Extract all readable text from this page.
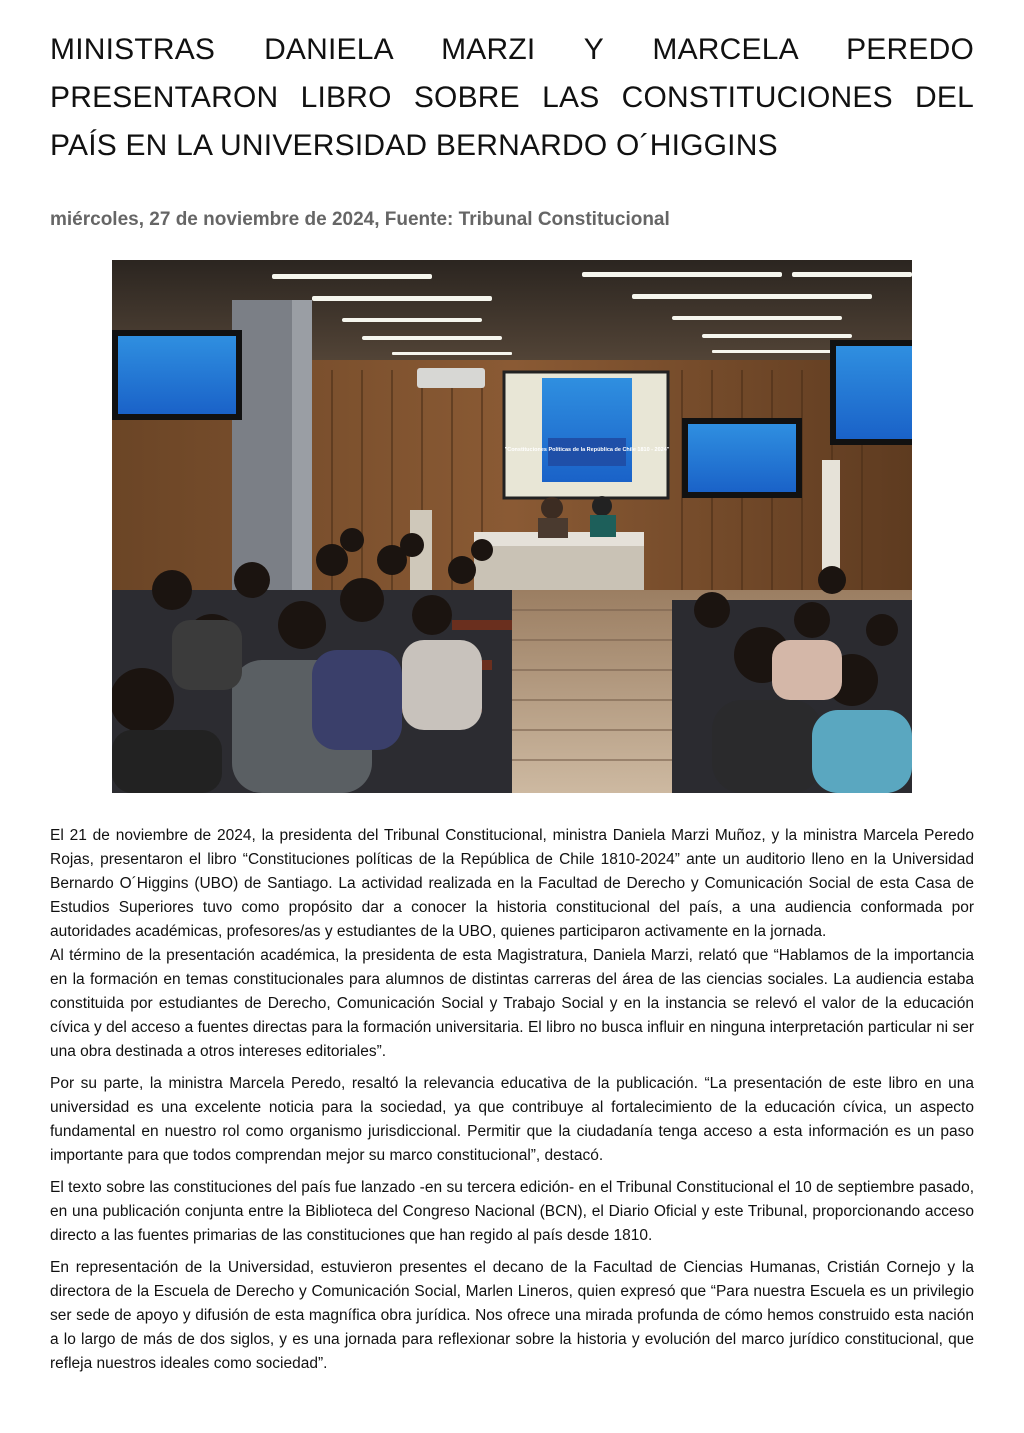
MINISTRAS DANIELA MARZI Y MARCELA PEREDO PRESENTARON LIBRO SOBRE LAS CONSTITUCIONES DEL PAÍS EN LA UNIVERSIDAD BERNARDO O´HIGGINS
miércoles, 27 de noviembre de 2024, Fuente: Tribunal Constitucional
"Constituciones Políticas de la República de Chile 1810 - 2024"

El 21 de noviembre de 2024, la presidenta del Tribunal Constitucional, ministra Daniela Marzi Muñoz, y la ministra Marcela Peredo Rojas, presentaron el libro “Constituciones políticas de la República de Chile 1810-2024” ante un auditorio lleno en la Universidad Bernardo O´Higgins (UBO) de Santiago. La actividad realizada en la Facultad de Derecho y Comunicación Social de esta Casa de Estudios Superiores tuvo como propósito dar a conocer la historia constitucional del país, a una audiencia conformada por autoridades académicas, profesores/as y estudiantes de la UBO, quienes participaron activamente en la jornada.

Al término de la presentación académica, la presidenta de esta Magistratura, Daniela Marzi, relató que “Hablamos de la importancia en la formación en temas constitucionales para alumnos de distintas carreras del área de las ciencias sociales. La audiencia estaba constituida por estudiantes de Derecho, Comunicación Social y Trabajo Social y en la instancia se relevó el valor de la educación cívica y del acceso a fuentes directas para la formación universitaria. El libro no busca influir en ninguna interpretación particular ni ser una obra destinada a otros intereses editoriales”.

Por su parte, la ministra Marcela Peredo, resaltó la relevancia educativa de la publicación. “La presentación de este libro en una universidad es una excelente noticia para la sociedad, ya que contribuye al fortalecimiento de la educación cívica, un aspecto fundamental en nuestro rol como organismo jurisdiccional. Permitir que la ciudadanía tenga acceso a esta información es un paso importante para que todos comprendan mejor su marco constitucional”, destacó.

El texto sobre las constituciones del país fue lanzado -en su tercera edición- en el Tribunal Constitucional el 10 de septiembre pasado, en una publicación conjunta entre la Biblioteca del Congreso Nacional (BCN), el Diario Oficial y este Tribunal, proporcionando acceso directo a las fuentes primarias de las constituciones que han regido al país desde 1810.

En representación de la Universidad, estuvieron presentes el decano de la Facultad de Ciencias Humanas, Cristián Cornejo y la directora de la Escuela de Derecho y Comunicación Social, Marlen Lineros, quien expresó que “Para nuestra Escuela es un privilegio ser sede de apoyo y difusión de esta magnífica obra jurídica. Nos ofrece una mirada profunda de cómo hemos construido esta nación a lo largo de más de dos siglos, y es una jornada para reflexionar sobre la historia y evolución del marco jurídico constitucional, que refleja nuestros ideales como sociedad”.
